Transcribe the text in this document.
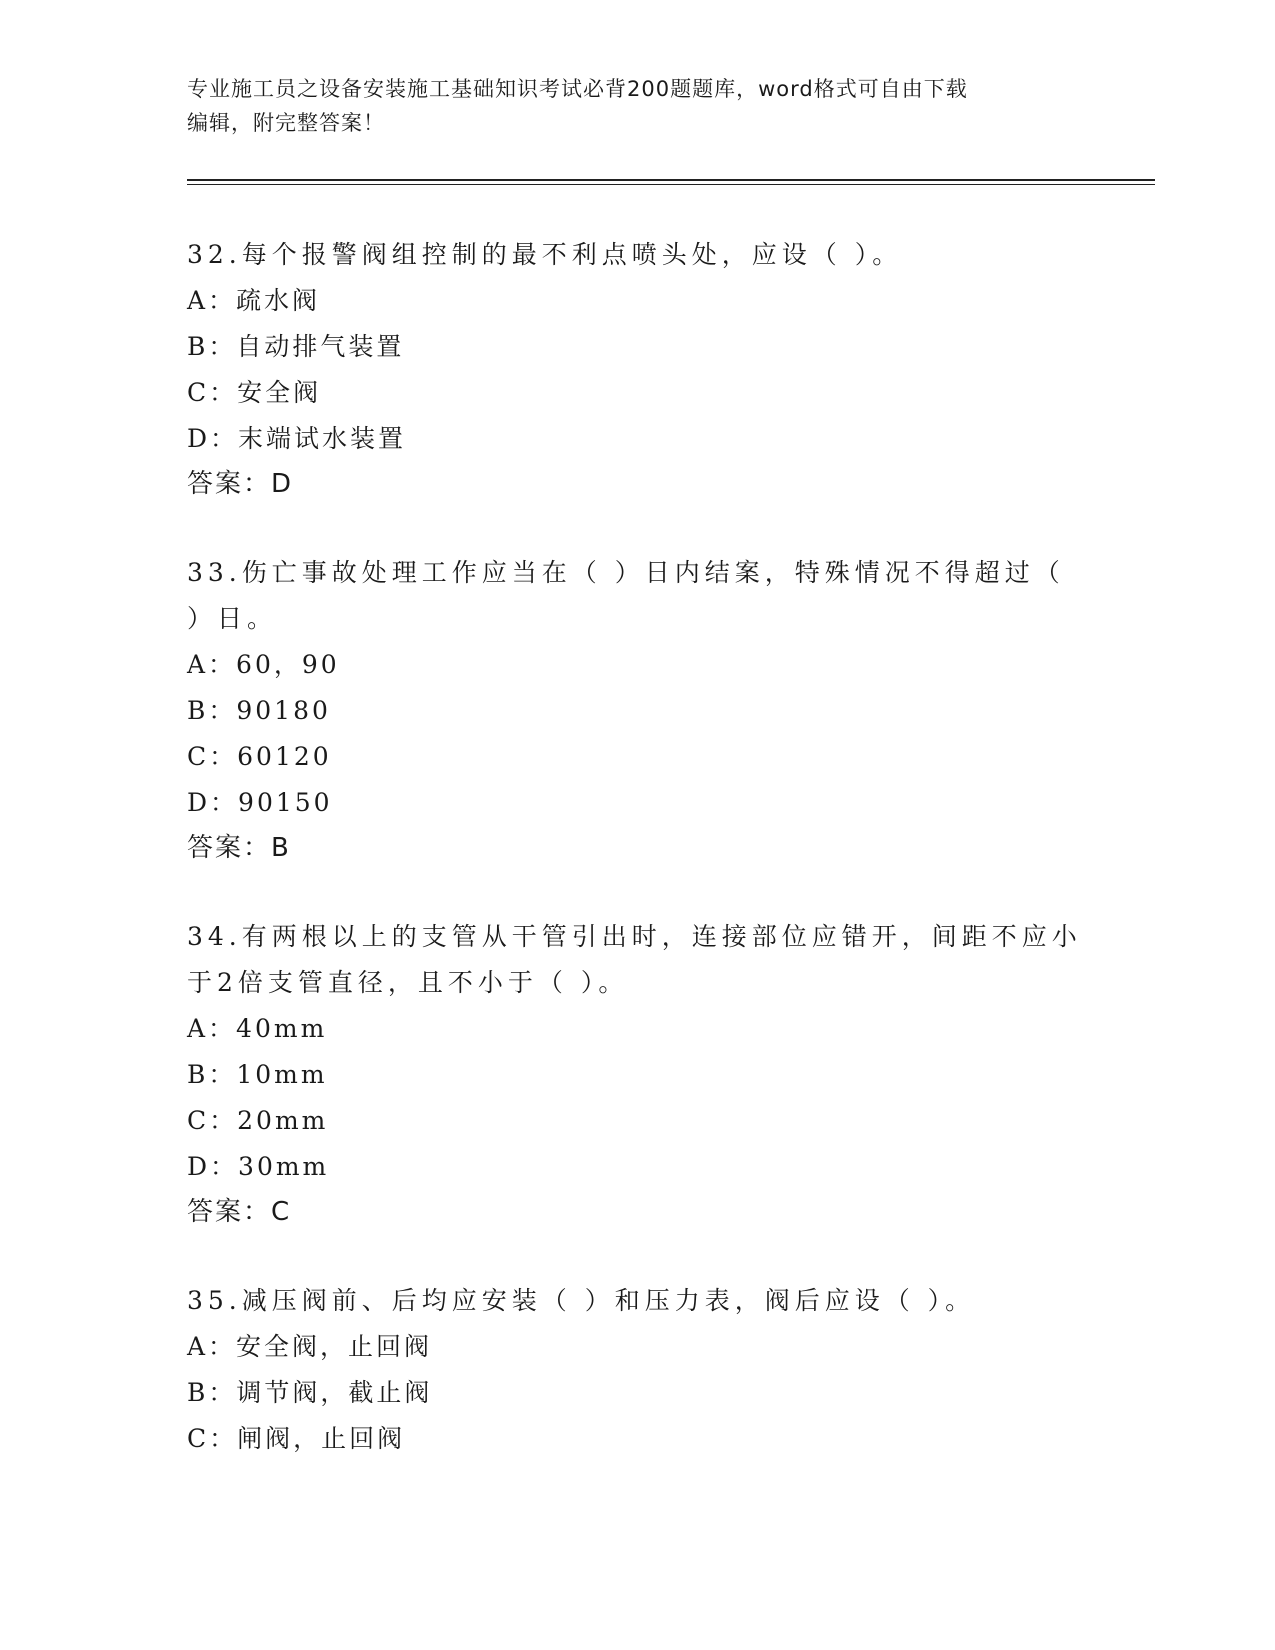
专业施工员之设备安装施工基础知识考试必背200题题库，word格式可自由下载
编辑，附完整答案！

32.每个报警阀组控制的最不利点喷头处，应设（ ）。

A：疏水阀

B：自动排气装置

C：安全阀

D：末端试水装置

答案：D

33.伤亡事故处理工作应当在（ ）日内结案，特殊情况不得超过（ ）日。

A：60，90

B：90180

C：60120

D：90150

答案：B

34.有两根以上的支管从干管引出时，连接部位应错开，间距不应小于2倍支管直径，且不小于（ ）。

A：40mm

B：10mm

C：20mm

D：30mm

答案：C

35.减压阀前、后均应安装（ ）和压力表，阀后应设（ ）。

A：安全阀，止回阀

B：调节阀，截止阀

C：闸阀，止回阀
